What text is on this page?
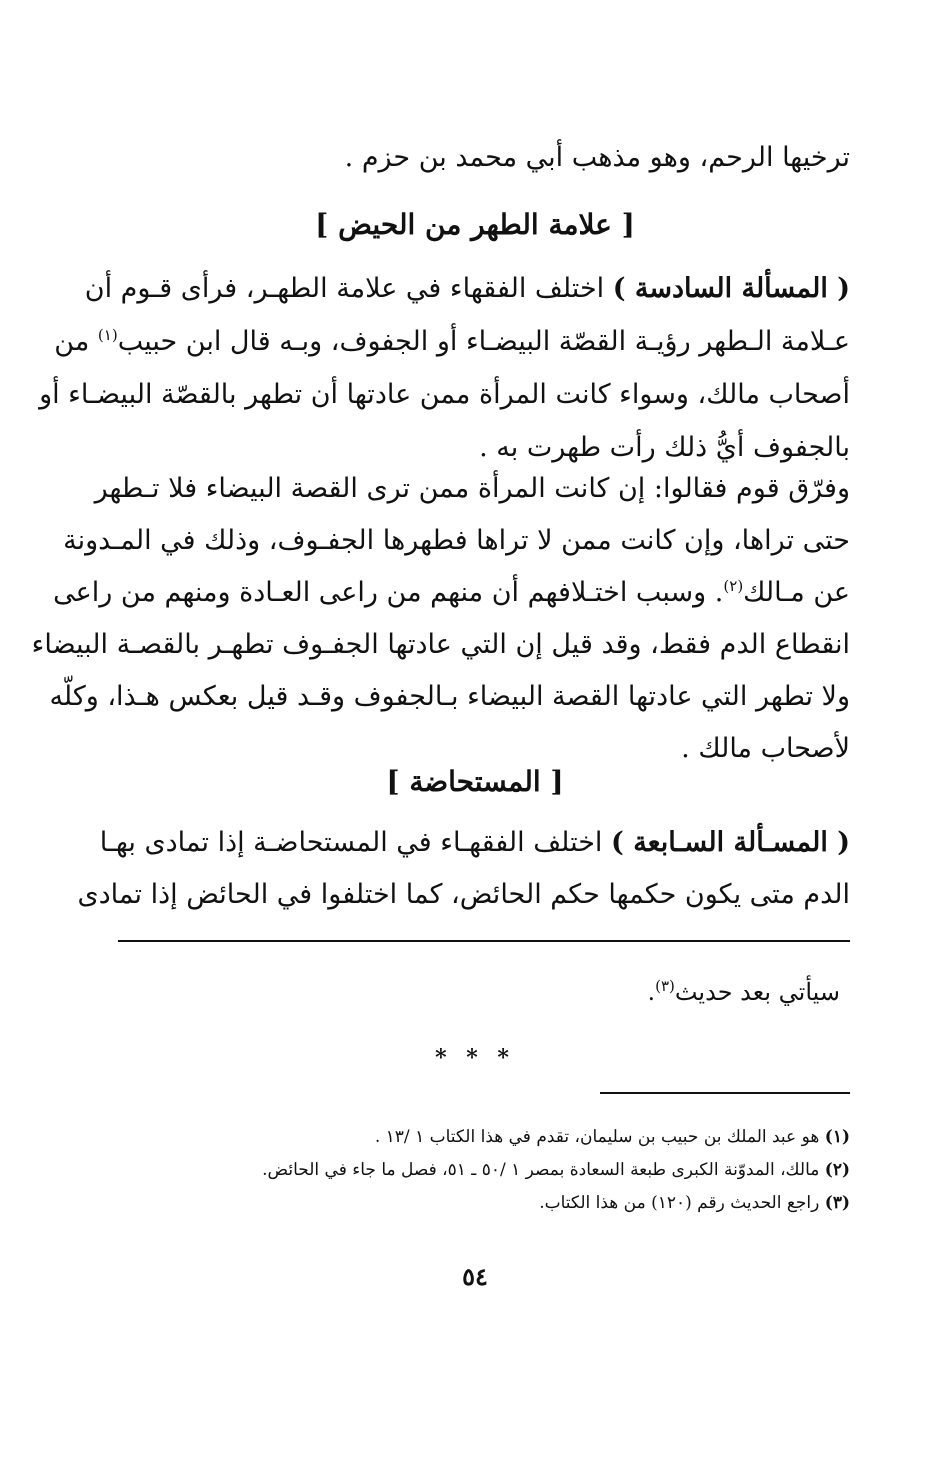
ترخيها الرحم، وهو مذهب أبي محمد بن حزم .
[ علامة الطهر من الحيض ]
( المسألة السادسة ) اختلف الفقهاء في علامة الطهـر، فرأى قـوم أن
عـلامة الـطهر رؤيـة القصّة البيضـاء أو الجفوف، وبـه قال ابن حبيب$^{(١)}$ من
أصحاب مالك، وسواء كانت المرأة ممن عادتها أن تطهر بالقصّة البيضـاء أو
بالجفوف أيُّ ذلك رأت طهرت به .
وفرّق قوم فقالوا: إن كانت المرأة ممن ترى القصة البيضاء فلا تـطهر
حتى تراها، وإن كانت ممن لا تراها فطهرها الجفـوف، وذلك في المـدونة
عن مـالك$^{(٢)}$. وسبب اختـلافهم أن منهم من راعى العـادة ومنهم من راعى
انقطاع الدم فقط، وقد قيل إن التي عادتها الجفـوف تطهـر بالقصـة البيضاء
ولا تطهر التي عادتها القصة البيضاء بـالجفوف وقـد قيل بعكس هـذا، وكلّه
لأصحاب مالك .
[ المستحاضة ]
( المسـألة السـابعة ) اختلف الفقهـاء في المستحاضـة إذا تمادى بهـا
الدم متى يكون حكمها حكم الحائض، كما اختلفوا في الحائض إذا تمادى
سيأتي بعد حديث$^{(٣)}$.
* * *
(١) هو عبد الملك بن حبيب بن سليمان، تقدم في هذا الكتاب ١ /١٣ .
(٢) مالك، المدوّنة الكبرى طبعة السعادة بمصر ١ /٥٠ ـ ٥١، فصل ما جاء في الحائض.
(٣) راجع الحديث رقم (١٢٠) من هذا الكتاب.
٥٤
